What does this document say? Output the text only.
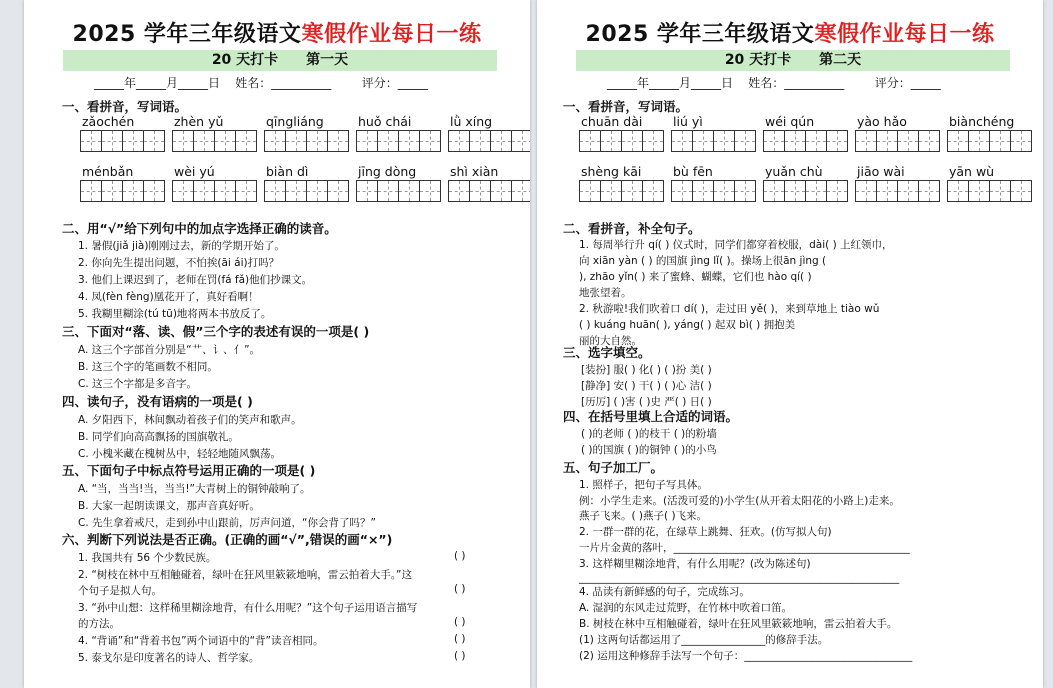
2025 学年三年级语文寒假作业每日一练
20 天打卡 第一天
_____年_____月_____日    姓名：__________        评分：_____
一、看拼音，写词语。
zǎochén	zhèn yǔ	qīngliáng	huǒ chái	lǜ xíng
ménbǎn	wèi yú	biàn dì	jīng dòng	shì xiàn
二、用“√”给下列句中的加点字选择正确的读音。
1. 暑假(jiǎ jià)刚刚过去，新的学期开始了。
2. 你向先生提出问题，不怕挨(āi ái)打吗？
3. 他们上课迟到了，老师在罚(fá fǎ)他们抄课文。
4. 凤(fèn fèng)凰花开了，真好看啊！
5. 我糊里糊涂(tú tū)地将两本书放反了。
三、下面对“落、读、假”三个字的表述有误的一项是( )
A. 这三个字部首分别是“艹、讠、亻”。
B. 这三个字的笔画数不相同。
C. 这三个字都是多音字。
四、读句子，没有语病的一项是( )
A. 夕阳西下，林间飘动着孩子们的笑声和歌声。
B. 同学们向高高飘扬的国旗敬礼。
C. 小槐米藏在槐树丛中，轻轻地随风飘荡。
五、下面句子中标点符号运用正确的一项是( )
A. “当，当当!当，当当!”大青树上的铜钟敲响了。
B. 大家一起朗读课文，那声音真好听。
C. 先生拿着戒尺，走到孙中山跟前，厉声问道，“你会背了吗？”
六、判断下列说法是否正确。(正确的画“√”,错误的画“×”)
1. 我国共有 56 个少数民族。	( )
2. “树枝在林中互相触碰着，绿叶在狂风里簌簌地响，雷云拍着大手。”这
个句子是拟人句。	( )
3. “孙中山想：这样稀里糊涂地背，有什么用呢？”这个句子运用语言描写
的方法。	( )
4. “背诵”和“背着书包”两个词语中的“背”读音相同。	( )
5. 泰戈尔是印度著名的诗人、哲学家。	( )
2025 学年三年级语文寒假作业每日一练
20 天打卡 第二天
_____年_____月_____日    姓名：__________        评分：_____
一、看拼音，写词语。
chuān dài	liú yì	wéi qún	yào hǎo	biànchéng
shèng kāi	bù fēn	yuǎn chù	jiāo wài	yān wù
二、看拼音，补全句子。
1. 每周举行升 qí( ) 仪式时，同学们都穿着校服，dài( ) 上红领巾，
向 xiān yàn ( ) 的国旗 jìng lǐ( )。操场上很ān jìng (
), zhāo yǐn( ) 来了蜜蜂、蝴蝶，它们也 hào qí( )
地张望着。
2. 秋游啦!我们吹着口 dí( )，走过田 yě( )，来到草地上 tiào wǔ
( ) kuáng huān( ), yáng( ) 起双 bì( ) 拥抱美
丽的大自然。
三、选字填空。
[装扮] 服( ) 化( ) ( )扮 美( )
[静净] 安( ) 干( ) ( )心 洁( )
[历厉] ( )害 ( )史 严( ) 日( )
四、在括号里填上合适的词语。
( )的老师 ( )的枝干 ( )的粉墙
( )的国旗 ( )的铜钟 ( )的小鸟
五、句子加工厂。
1. 照样子，把句子写具体。
例：小学生走来。(活泼可爱的)小学生(从开着太阳花的小路上)走来。
燕子飞来。( )燕子( )飞来。
2. 一群一群的花，在绿草上跳舞、狂欢。(仿写拟人句)
一片片金黄的落叶，_____________________________________________
3. 这样糊里糊涂地背，有什么用呢？(改为陈述句)
_____________________________________________________________
4. 品读有新鲜感的句子，完成练习。
A. 湿润的东风走过荒野，在竹林中吹着口笛。
B. 树枝在林中互相触碰着，绿叶在狂风里簌簌地响，雷云拍着大手。
(1) 这两句话都运用了________________的修辞手法。
(2) 运用这种修辞手法写一个句子：________________________________
